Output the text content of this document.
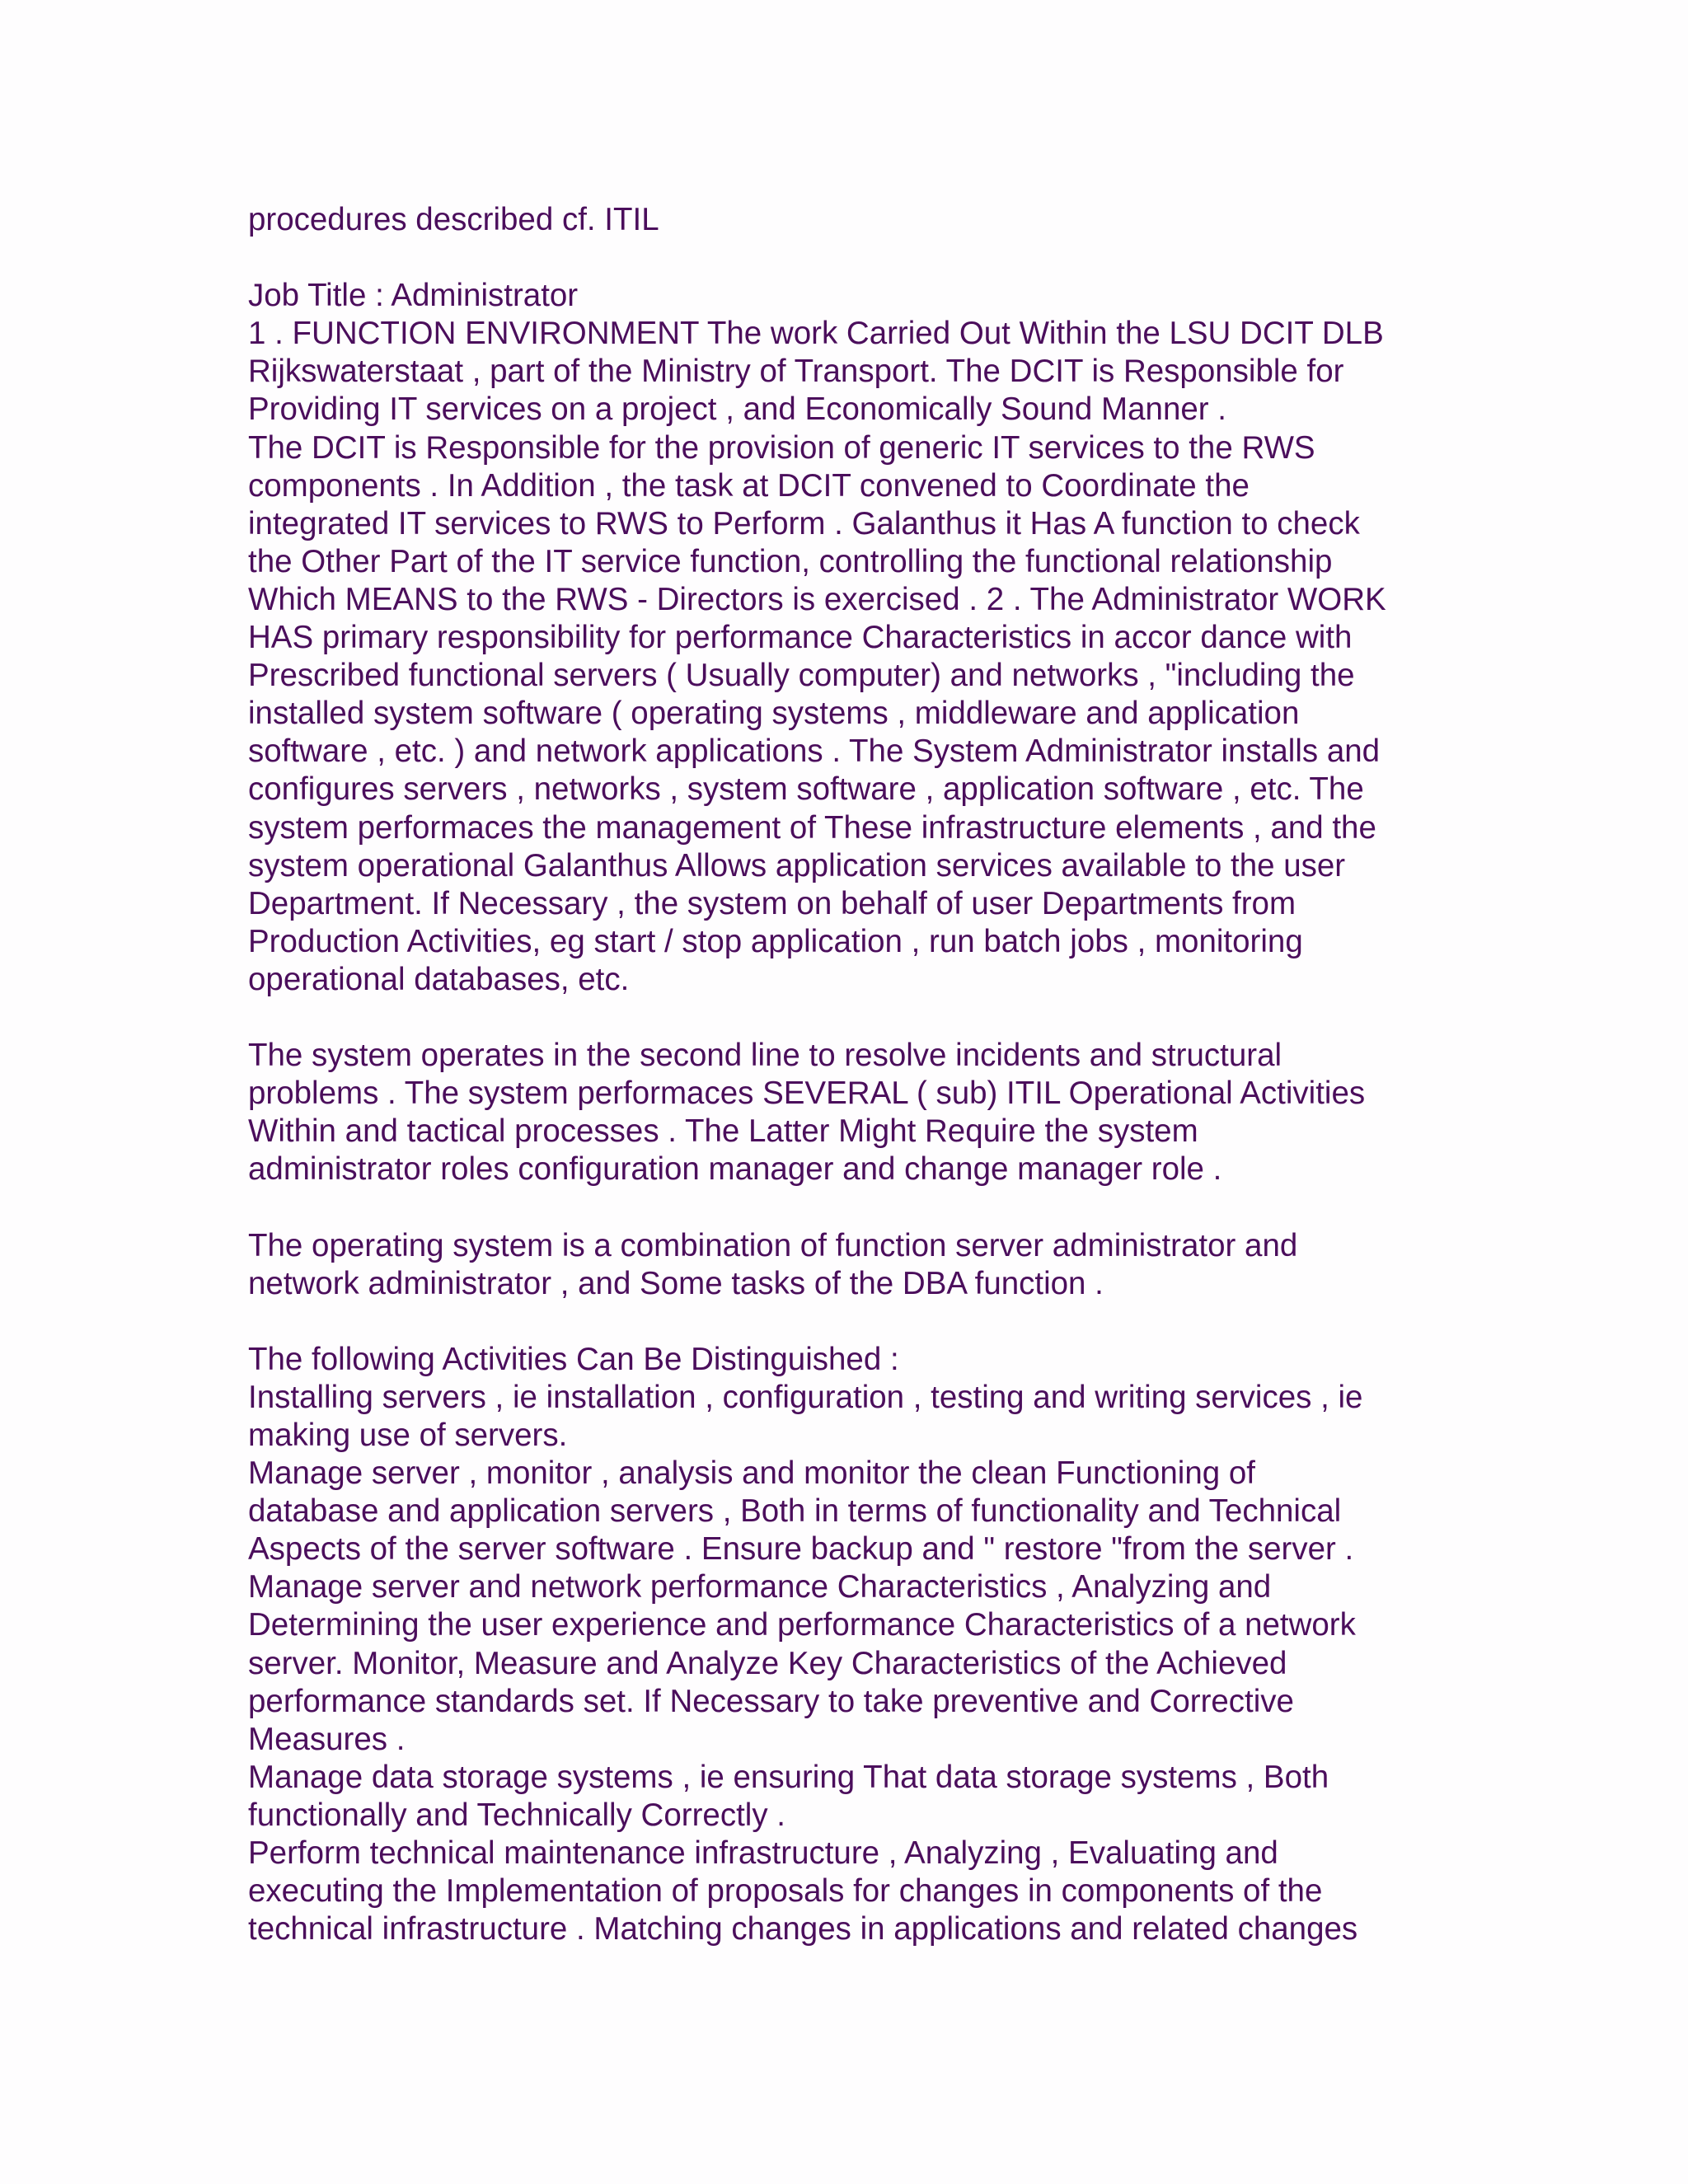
procedures described cf. ITIL
Job Title : Administrator
1 . FUNCTION ENVIRONMENT The work Carried Out Within the LSU DCIT DLB
Rijkswaterstaat , part of the Ministry of Transport. The DCIT is Responsible for
Providing IT services on a project , and Economically Sound Manner .
The DCIT is Responsible for the provision of generic IT services to the RWS
components . In Addition , the task at DCIT convened to Coordinate the
integrated IT services to RWS to Perform . Galanthus it Has A function to check
the Other Part of the IT service function, controlling the functional relationship
Which MEANS to the RWS - Directors is exercised . 2 . The Administrator WORK
HAS primary responsibility for performance Characteristics in accor dance with
Prescribed functional servers ( Usually computer) and networks , "including the
installed system software ( operating systems , middleware and application
software , etc. ) and network applications . The System Administrator installs and
configures servers , networks , system software , application software , etc. The
system performaces the management of These infrastructure elements , and the
system operational Galanthus Allows application services available to the user
Department. If Necessary , the system on behalf of user Departments from
Production Activities, eg start / stop application , run batch jobs , monitoring
operational databases, etc.
The system operates in the second line to resolve incidents and structural
problems . The system performaces SEVERAL ( sub) ITIL Operational Activities
Within and tactical processes . The Latter Might Require the system
administrator roles configuration manager and change manager role .
The operating system is a combination of function server administrator and
network administrator , and Some tasks of the DBA function .
The following Activities Can Be Distinguished :
Installing servers , ie installation , configuration , testing and writing services , ie
making use of servers.
Manage server , monitor , analysis and monitor the clean Functioning of
database and application servers , Both in terms of functionality and Technical
Aspects of the server software . Ensure backup and " restore "from the server .
Manage server and network performance Characteristics , Analyzing and
Determining the user experience and performance Characteristics of a network
server. Monitor, Measure and Analyze Key Characteristics of the Achieved
performance standards set. If Necessary to take preventive and Corrective
Measures .
Manage data storage systems , ie ensuring That data storage systems , Both
functionally and Technically Correctly .
Perform technical maintenance infrastructure , Analyzing , Evaluating and
executing the Implementation of proposals for changes in components of the
technical infrastructure . Matching changes in applications and related changes
